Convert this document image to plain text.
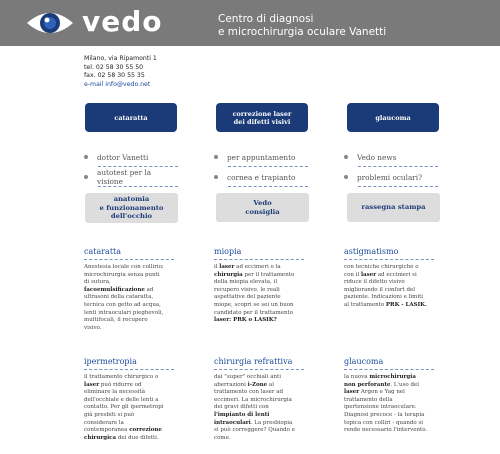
vedo	Centro di diagnosi
e microchirurgia oculare Vanetti
Milano, via Ripamonti 1
tel. 02 58 30 55 50
fax. 02 58 30 55 35
e-mail info@vedo.net
cataratta	correzione laser
dei difetti visivi	glaucoma
dottor Vanetti	per appuntamento	Vedo news
autotest per la visione	cornea e trapianto	problemi oculari?
anatomia
e funzionamento
dell'occhio
Vedo
consiglia
rassegna stampa
cataratta
Anestesia locale con collirio;
microchirurgia senza punti
di sutura,
facoemulsificazione ad
ultrasoni della cataratta,
tecnica con getto ad acqua,
lenti intraoculari pieghevoli,
multifocali, il recupero
visivo.
miopia
il laser ad eccimeri o la
chirurgia per il trattamento
della miopia elevata, il
recupero visivo, le reali
aspettative del paziente
miope, scopri se sei un buon
candidato per il trattamento
laser: PRK o LASIK?
astigmatismo
con tecniche chirurgiche o
con il laser ad eccimeri si
riduce il difetto visivo
migliorando il confort del
paziente. Indicazioni e limiti
al trattamento PRK - LASIK.
ipermetropia
il trattamento chirurgico o
laser può ridurre od
eliminare la necessità
dell'occhiale e delle lenti a
contatto. Per gli ipermetropi
già presbiti si può
considerare la
contemporanea correzione
chirurgica dei due difetti.
chirurgia refrattiva
dai "super" occhiali anti
aberrazioni i-Zone al
trattamento con laser ad
eccimeri. La microchirurgia
dei gravi difetti con
l'impianto di lenti
intraoculari. La presbiopia
si può correggere? Quando e
come.
glaucoma
la nuova microchirurgia
non perforante. L'uso del
laser Argon e Yag nel
trattamento della
ipertensione intraoculare.
Diagnosi precoce - la terapia
topica con colliri - quando si
rende necessario l'intervento.
